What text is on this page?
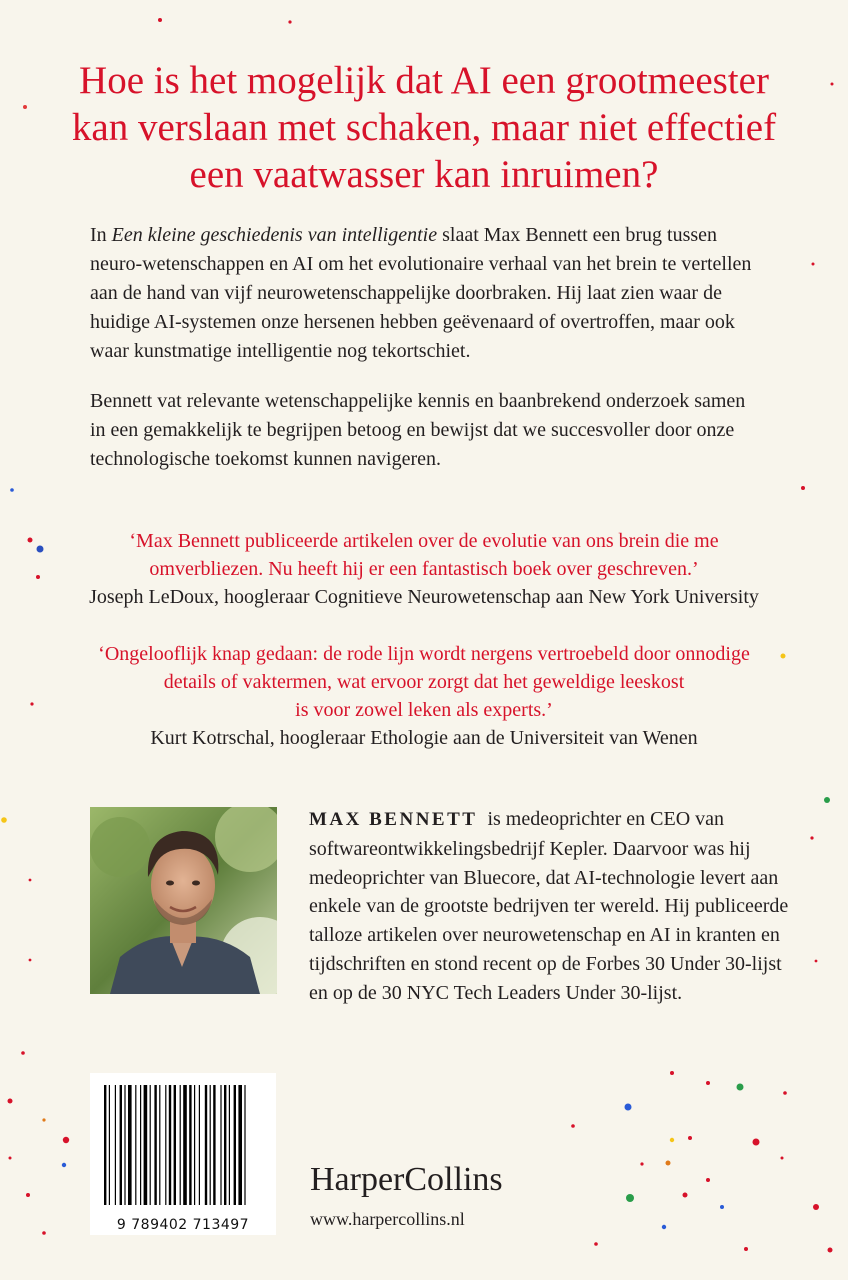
Hoe is het mogelijk dat AI een grootmeester
kan verslaan met schaken, maar niet effectief
een vaatwasser kan inruimen?

In Een kleine geschiedenis van intelligentie slaat Max Bennett een brug tussen
neuro-wetenschappen en AI om het evolutionaire verhaal van het brein te vertellen
aan de hand van vijf neurowetenschappelijke doorbraken. Hij laat zien waar de
huidige AI-systemen onze hersenen hebben geëvenaard of overtroffen, maar ook
waar kunstmatige intelligentie nog tekortschiet.

Bennett vat relevante wetenschappelijke kennis en baanbrekend onderzoek samen
in een gemakkelijk te begrijpen betoog en bewijst dat we succesvoller door onze
technologische toekomst kunnen navigeren.

‘Max Bennett publiceerde artikelen over de evolutie van ons brein die me
omverbliezen. Nu heeft hij er een fantastisch boek over geschreven.’
Joseph LeDoux, hoogleraar Cognitieve Neurowetenschap aan New York University

‘Ongelooflijk knap gedaan: de rode lijn wordt nergens vertroebeld door onnodige
details of vaktermen, wat ervoor zorgt dat het geweldige leeskost
is voor zowel leken als experts.’
Kurt Kotrschal, hoogleraar Ethologie aan de Universiteit van Wenen

MAX BENNETT  is medeoprichter en CEO van
softwareontwikkelingsbedrijf Kepler. Daarvoor was hij
medeoprichter van Bluecore, dat AI-technologie levert aan
enkele van de grootste bedrijven ter wereld. Hij publiceerde
talloze artikelen over neurowetenschap en AI in kranten en
tijdschriften en stond recent op de Forbes 30 Under 30-lijst
en op de 30 NYC Tech Leaders Under 30-lijst.

9 789402 713497
HarperCollins
www.harpercollins.nl
